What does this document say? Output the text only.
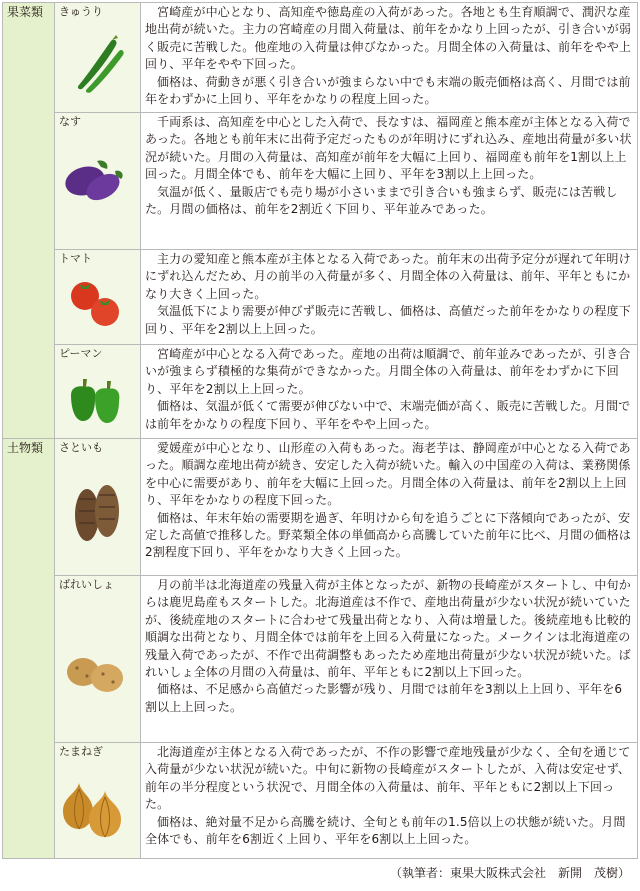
果菜類	きゅうり	宮崎産が中心となり、高知産や徳島産の入荷があった。各地とも生育順調で、潤沢な産地出荷が続いた。主力の宮崎産の月間入荷量は、前年をかなり上回ったが、引き合いが弱く販売に苦戦した。他産地の入荷量は伸びなかった。月間全体の入荷量は、前年をやや上回り、平年をやや下回った。

価格は、荷動きが悪く引き合いが強まらない中でも末端の販売価格は高く、月間では前年をわずかに上回り、平年をかなりの程度上回った。

	なす	千両系は、高知産を中心とした入荷で、長なすは、福岡産と熊本産が主体となる入荷であった。各地とも前年末に出荷予定だったものが年明けにずれ込み、産地出荷量が多い状況が続いた。月間の入荷量は、高知産が前年を大幅に上回り、福岡産も前年を1割以上上回った。月間全体でも、前年を大幅に上回り、平年を3割以上上回った。

気温が低く、量販店でも売り場が小さいままで引き合いも強まらず、販売には苦戦した。月間の価格は、前年を2割近く下回り、平年並みであった。

	トマト	主力の愛知産と熊本産が主体となる入荷であった。前年末の出荷予定分が遅れて年明けにずれ込んだため、月の前半の入荷量が多く、月間全体の入荷量は、前年、平年ともにかなり大きく上回った。

気温低下により需要が伸びず販売に苦戦し、価格は、高値だった前年をかなりの程度下回り、平年を2割以上上回った。

	ピーマン	宮崎産が中心となる入荷であった。産地の出荷は順調で、前年並みであったが、引き合いが強まらず積極的な集荷ができなかった。月間全体の入荷量は、前年をわずかに下回り、平年を2割以上上回った。

価格は、気温が低くて需要が伸びない中で、末端売価が高く、販売に苦戦した。月間では前年をかなりの程度下回り、平年をやや上回った。

土物類	さといも	愛媛産が中心となり、山形産の入荷もあった。海老芋は、静岡産が中心となる入荷であった。順調な産地出荷が続き、安定した入荷が続いた。輸入の中国産の入荷は、業務関係を中心に需要があり、前年を大幅に上回った。月間全体の入荷量は、前年を2割以上上回り、平年をかなりの程度下回った。

価格は、年末年始の需要期を過ぎ、年明けから旬を追うごとに下落傾向であったが、安定した高値で推移した。野菜類全体の単価高から高騰していた前年に比べ、月間の価格は2割程度下回り、平年をかなり大きく上回った。

	ばれいしょ	月の前半は北海道産の残量入荷が主体となったが、新物の長崎産がスタートし、中旬からは鹿児島産もスタートした。北海道産は不作で、産地出荷量が少ない状況が続いていたが、後続産地のスタートに合わせて残量出荷となり、入荷は増量した。後続産地も比較的順調な出荷となり、月間全体では前年を上回る入荷量になった。メークインは北海道産の残量入荷であったが、不作で出荷調整もあったため産地出荷量が少ない状況が続いた。ばれいしょ全体の月間の入荷量は、前年、平年ともに2割以上下回った。

価格は、不足感から高値だった影響が残り、月間では前年を3割以上上回り、平年を6割以上上回った。

	たまねぎ	北海道産が主体となる入荷であったが、不作の影響で産地残量が少なく、全旬を通じて入荷量が少ない状況が続いた。中旬に新物の長崎産がスタートしたが、入荷は安定せず、前年の半分程度という状況で、月間全体の入荷量は、前年、平年ともに2割以上下回った。

価格は、絶対量不足から高騰を続け、全旬とも前年の1.5倍以上の状態が続いた。月間全体でも、前年を6割近く上回り、平年を6割以上上回った。

（執筆者：東果大阪株式会社　新開　茂樹）
